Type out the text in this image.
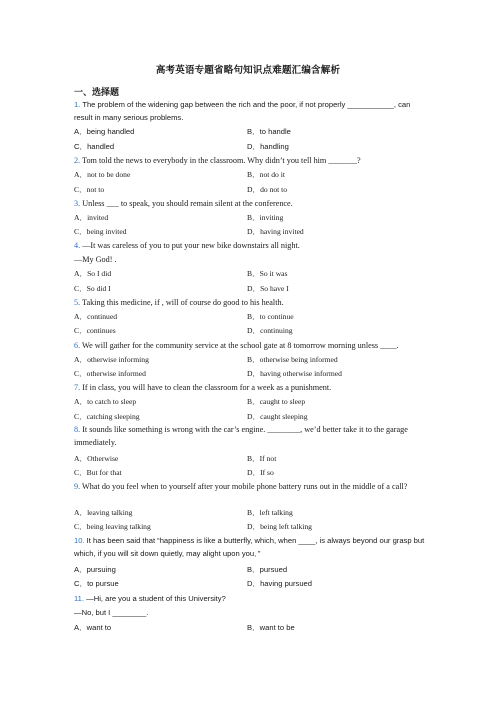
高考英语专题省略句知识点难题汇编含解析
一、选择题
1. The problem of the widening gap between the rich and the poor, if not properly ___________, can result in many serious problems.
A．being handled	B．to handle
C．handled	D．handling
2. Tom told the news to everybody in the classroom. Why didn’t you tell him _______?
A．not to be done	B．not do it
C．not to	D．do not to
3. Unless ___ to speak, you should remain silent at the conference.
A．invited	B．inviting
C．being invited	D．having invited
4. —It was careless of you to put your new bike downstairs all night.
—My God! .
A．So I did	B．So it was
C．So did I	D．So have I
5. Taking this medicine, if , will of course do good to his health.
A．continued	B．to continue
C．continues	D．continuing
6. We will gather for the community service at the school gate at 8 tomorrow morning unless ____.
A．otherwise informing	B．otherwise being informed
C．otherwise informed	D．having otherwise informed
7. If in class, you will have to clean the classroom for a week as a punishment.
A．to catch to sleep	B．caught to sleep
C．catching sleeping	D．caught sleeping
8. It sounds like something is wrong with the car’s engine. ________, we’d better take it to the garage immediately.
A．Otherwise	B．If not
C．But for that	D．If so
9. What do you feel when to yourself after your mobile phone battery runs out in the middle of a call?
A．leaving talking	B．left talking
C．being leaving talking	D．being left talking
10. It has been said that “happiness is like a butterfly, which, when ____, is always beyond our grasp but which, if you will sit down quietly, may alight upon you．”
A．pursuing	B．pursued
C．to pursue	D．having pursued
11. —Hi, are you a student of this University?
—No, but I ________.
A．want to	B．want to be
